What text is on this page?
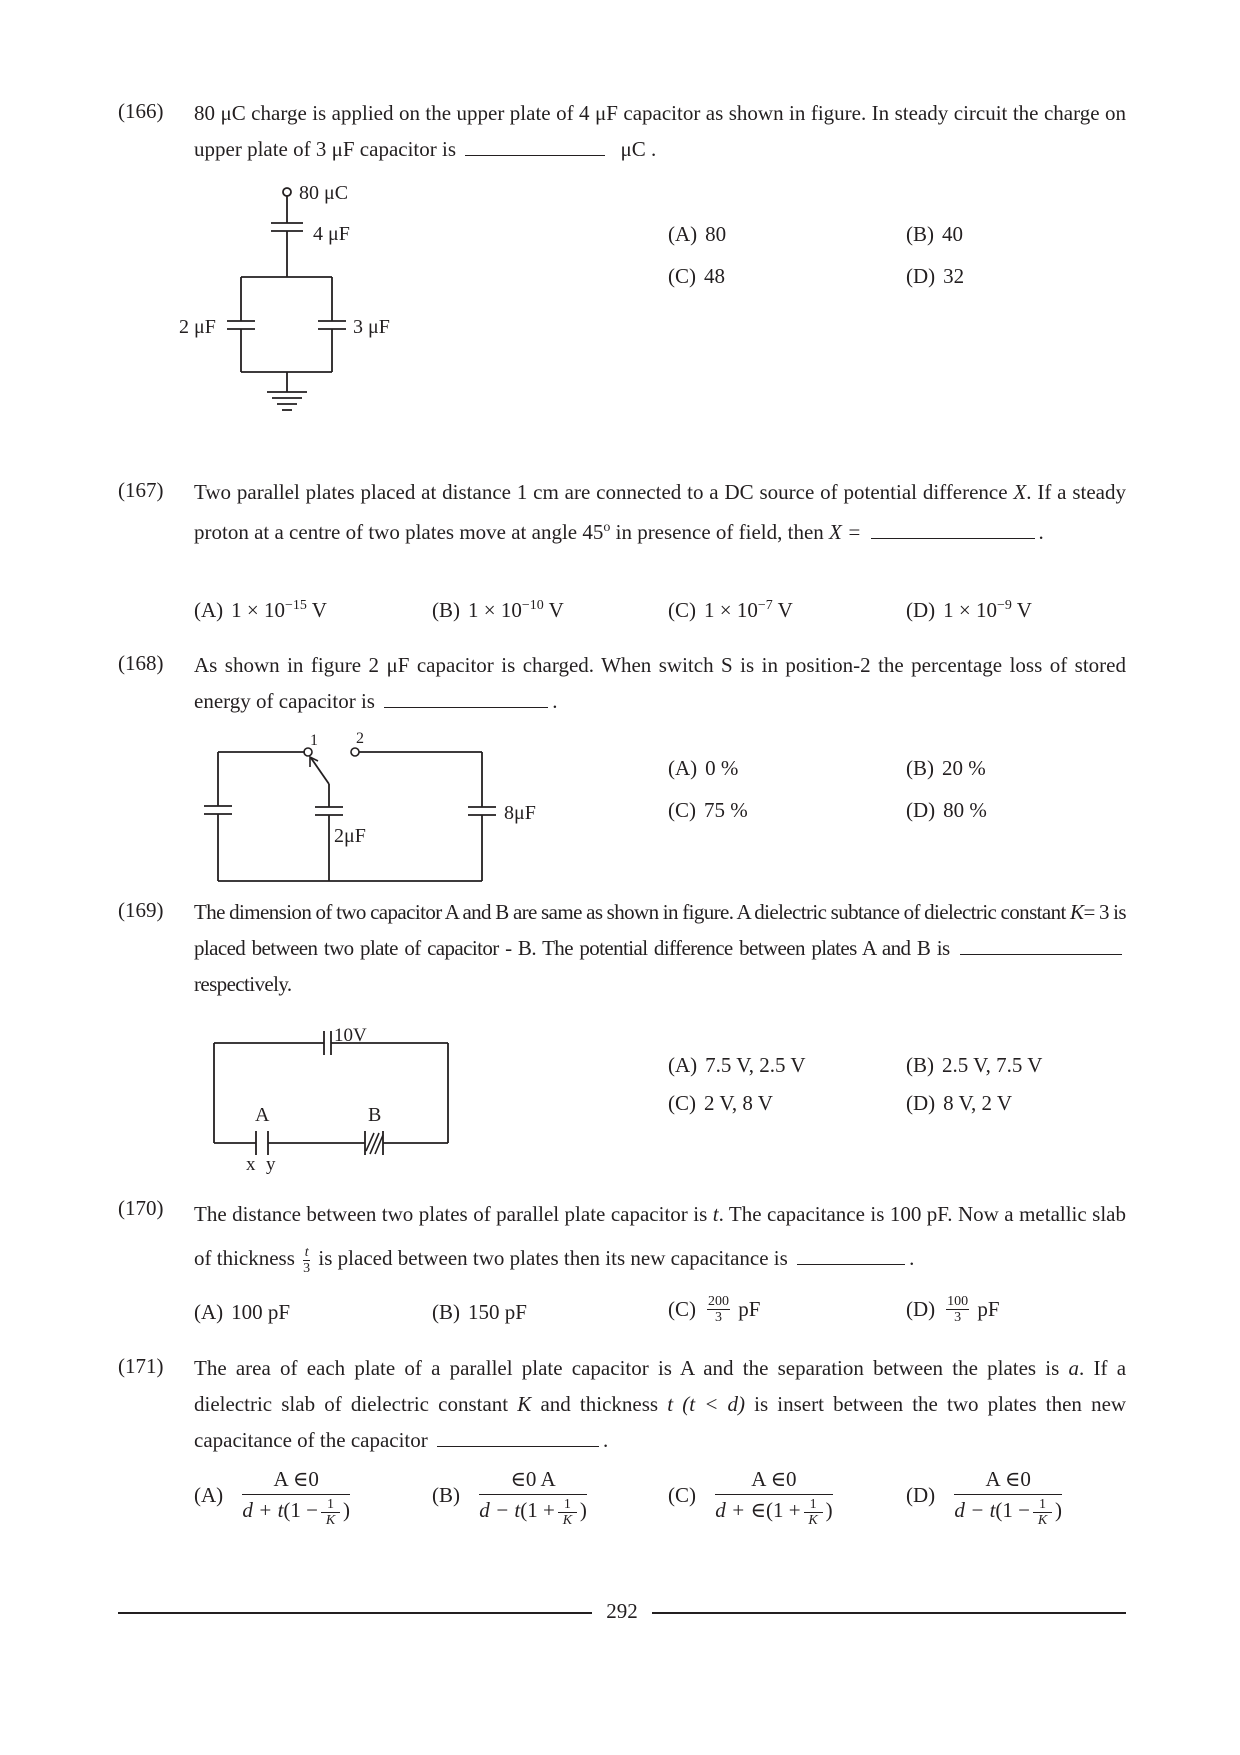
(166) 80 μC charge is applied on the upper plate of 4 μF capacitor as shown in figure. In steady circuit the charge on upper plate of 3 μF capacitor is	μC .
80 μC
4 μF
2 μF	3 μF
(A) 80	(B) 40
(C) 48	(D) 32
(167) Two parallel plates placed at distance 1 cm are connected to a DC source of potential difference X. If a steady proton at a centre of two plates move at angle 45$^o$ in presence of field, then X =	.
(A) $1 \times 10^{-15}$ V	(B) $1 \times 10^{-10}$ V	(C) $1 \times 10^{-7}$ V	(D) $1 \times 10^{-9}$ V
(168) As shown in figure 2 μF capacitor is charged. When switch S is in position-2 the percentage loss of stored energy of capacitor is	.
1 2
2μF
8μF
(A) 0 %	(B) 20 %
(C) 75 %	(D) 80 %
(169) The dimension of two capacitor A and B are same as shown in figure. A dielectric subtance of dielectric constant K= 3 is placed between two plate of capacitor - B. The potential difference between plates A and B is respectively.
10V
A	B
x y
(A) 7.5 V, 2.5 V	(B) 2.5 V, 7.5 V
(C) 2 V, 8 V	(D) 8 V, 2 V
(170) The distance between two plates of parallel plate capacitor is t. The capacitance is 100 pF. Now a metallic slab of thickness $\frac{t}{3}$ is placed between two plates then its new capacitance is	.
(A) 100 pF	(B) 150 pF	$(C) \frac{200}{3}$ pF	$(D) \frac{100}{3}$ pF
(171) The area of each plate of a parallel plate capacitor is A and the separation between the plates is a. If a dielectric slab of dielectric constant K and thickness t (t < d) is insert between the two plates then new capacitance of the capacitor	.
$(A) \frac{A \in 0}{d + t(1 - \frac{1}{K} )}$	$(B) \frac{\in 0 A}{d - t(1 + \frac{1}{K} )}$	$(C) \frac{A \in 0}{d + \in(1 + \frac{1}{K} )}$	$(D) \frac{A \in 0}{d - t(1 - \frac{1}{K} )}$
292
